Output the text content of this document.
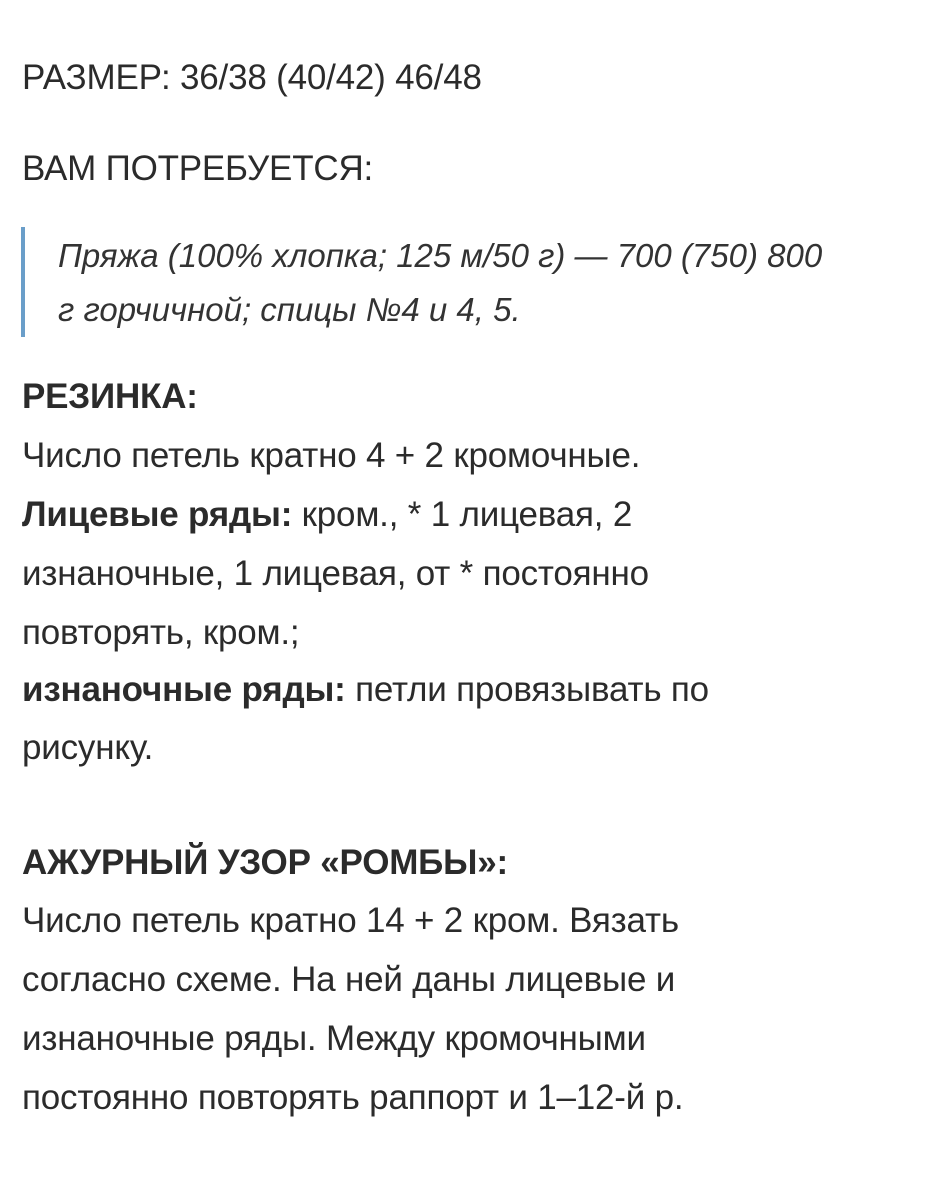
РАЗМЕР: 36/38 (40/42) 46/48

ВАМ ПОТРЕБУЕТСЯ:

Пряжа (100% хлопка; 125 м/50 г) — 700 (750) 800

г горчичной; спицы №4 и 4, 5.

РЕЗИНКА:

Число петель кратно 4 + 2 кромочные.

Лицевые ряды: кром., * 1 лицевая, 2

изнаночные, 1 лицевая, от * постоянно

повторять, кром.;

изнаночные ряды: петли провязывать по

рисунку.

АЖУРНЫЙ УЗОР «РОМБЫ»:

Число петель кратно 14 + 2 кром. Вязать

согласно схеме. На ней даны лицевые и

изнаночные ряды. Между кромочными

постоянно повторять раппорт и 1–12-й р.
